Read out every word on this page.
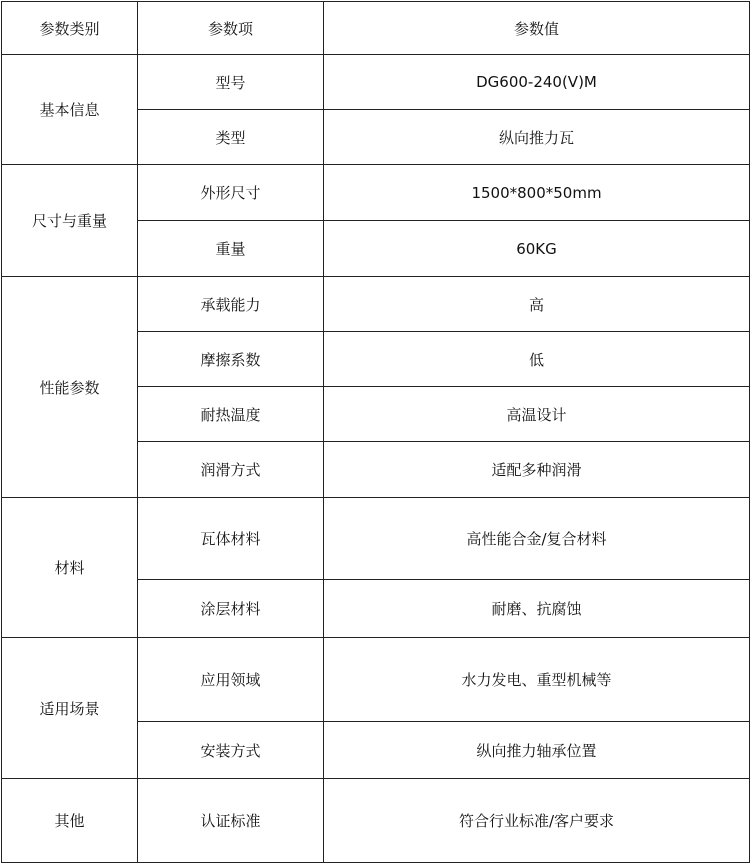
参数类别	参数项	参数值
基本信息	型号	DG600-240(V)M
	类型	纵向推力瓦
尺寸与重量	外形尺寸	1500*800*50mm
	重量	60KG
性能参数	承载能力	高
	摩擦系数	低
	耐热温度	高温设计
	润滑方式	适配多种润滑
材料	瓦体材料	高性能合金/复合材料
	涂层材料	耐磨、抗腐蚀
适用场景	应用领域	水力发电、重型机械等
	安装方式	纵向推力轴承位置
其他	认证标准	符合行业标准/客户要求
